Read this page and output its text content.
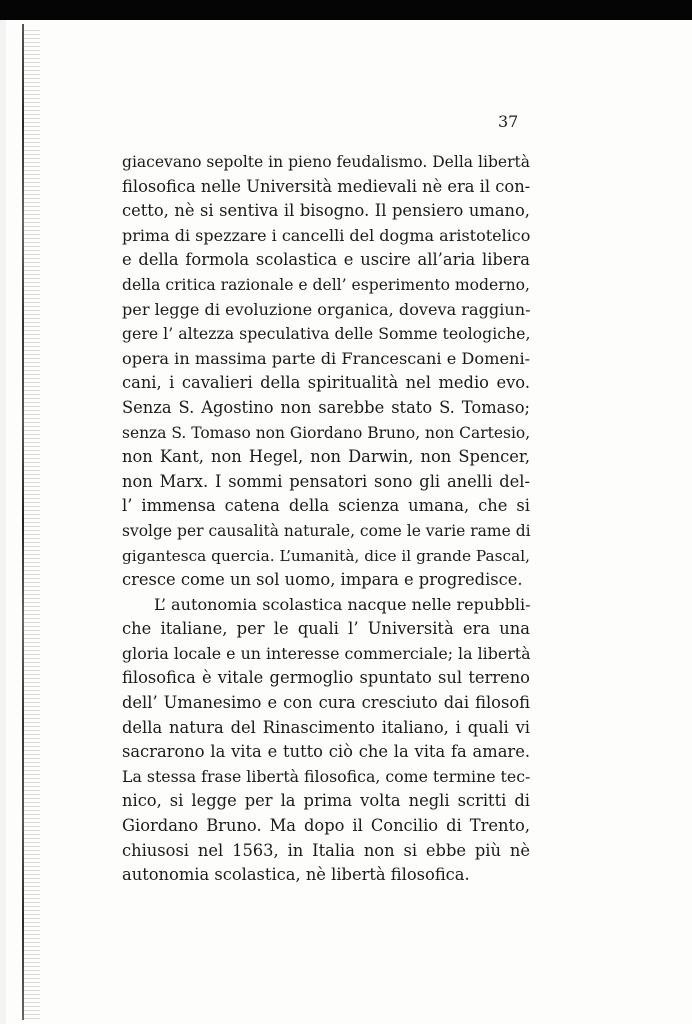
37
giacevano sepolte in pieno feudalismo. Della libertà
filosofica nelle Università medievali nè era il con-
cetto, nè si sentiva il bisogno. Il pensiero umano,
prima di spezzare i cancelli del dogma aristotelico
e della formola scolastica e uscire all’aria libera
della critica razionale e dell’ esperimento moderno,
per legge di evoluzione organica, doveva raggiun-
gere l’ altezza speculativa delle Somme teologiche,
opera in massima parte di Francescani e Domeni-
cani, i cavalieri della spiritualità nel medio evo.
Senza S. Agostino non sarebbe stato S. Tomaso;
senza S. Tomaso non Giordano Bruno, non Cartesio,
non Kant, non Hegel, non Darwin, non Spencer,
non Marx. I sommi pensatori sono gli anelli del-
l’ immensa catena della scienza umana, che si
svolge per causalità naturale, come le varie rame di
gigantesca quercia. L’umanità, dice il grande Pascal,
cresce come un sol uomo, impara e progredisce.
L’ autonomia scolastica nacque nelle repubbli-
che italiane, per le quali l’ Università era una
gloria locale e un interesse commerciale; la libertà
filosofica è vitale germoglio spuntato sul terreno
dell’ Umanesimo e con cura cresciuto dai filosofi
della natura del Rinascimento italiano, i quali vi
sacrarono la vita e tutto ciò che la vita fa amare.
La stessa frase libertà filosofica, come termine tec-
nico, si legge per la prima volta negli scritti di
Giordano Bruno. Ma dopo il Concilio di Trento,
chiusosi nel 1563, in Italia non si ebbe più nè
autonomia scolastica, nè libertà filosofica.
